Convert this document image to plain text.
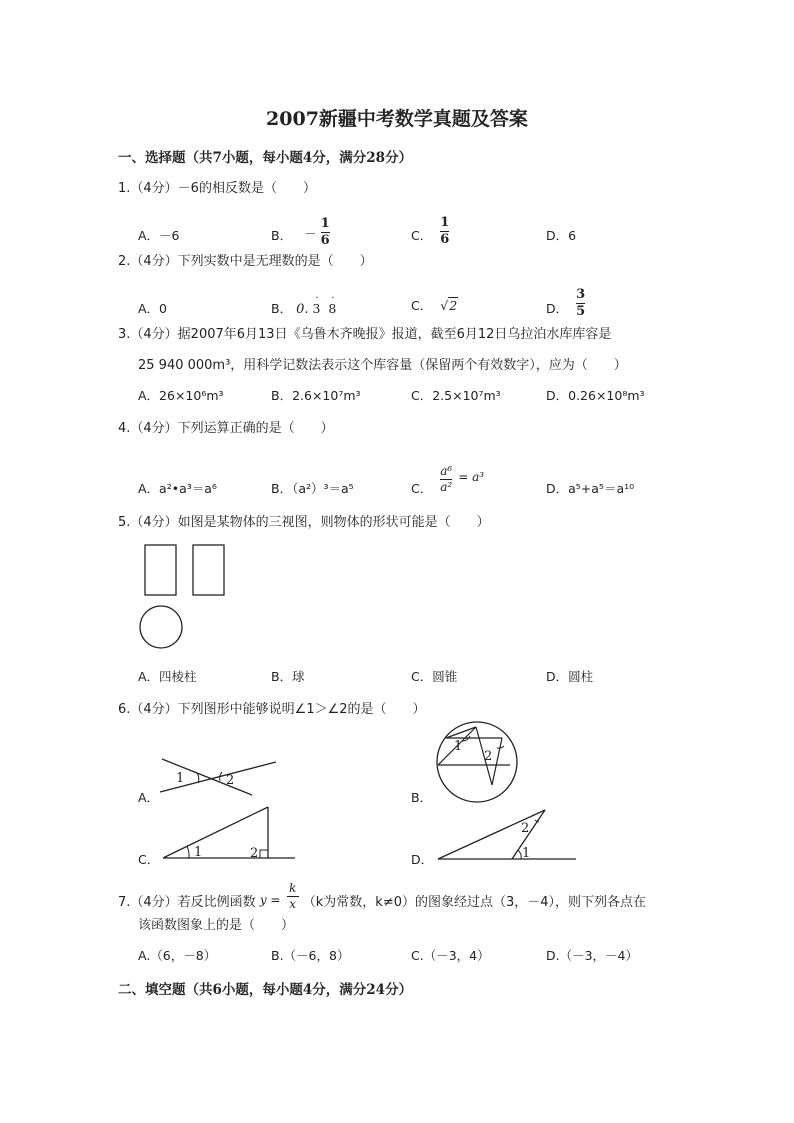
2007新疆中考数学真题及答案
一、选择题（共7小题，每小题4分，满分28分）
1.（4分）－6的相反数是（　　）
A．－6	B． － $\frac{1}{6}$	C． $\frac{1}{6}$	D．6
2.（4分）下列实数中是无理数的是（　　）
A．0	B． 0.
·
3
·
8	C． √2	D． $\frac{3}{5}$
3.（4分）据2007年6月13日《乌鲁木齐晚报》报道，截至6月12日乌拉泊水库库容是
25 940 000m³，用科学记数法表示这个库容量（保留两个有效数字），应为（　　）
A．26×10⁶m³	B．2.6×10⁷m³	C．2.5×10⁷m³	D．0.26×10⁸m³
4.（4分）下列运算正确的是（　　）
A．a²•a³＝a⁶	B．（a²）³＝a⁵	C． $\frac{\text{a⁶}}{\text{a²}} = a^3$
D．a⁵+a⁵＝a¹⁰
5.（4分）如图是某物体的三视图，则物体的形状可能是（　　）
A．四棱柱	B．球	C．圆锥	D．圆柱
6.（4分）下列图形中能够说明∠1＞∠2的是（　　）
A．	B．
C．	D．
1	2
1
2
1	2	1
2
7.（4分）若反比例函数 $y = \frac{k}{x} (k$为常数，k≠0）的图象经过点（3，－4），则下列各点在
该函数图象上的是（　　）
A.（6，－8）	B.（－6，8）	C.（－3，4）	D.（－3，－4）
二、填空题（共6小题，每小题4分，满分24分）
